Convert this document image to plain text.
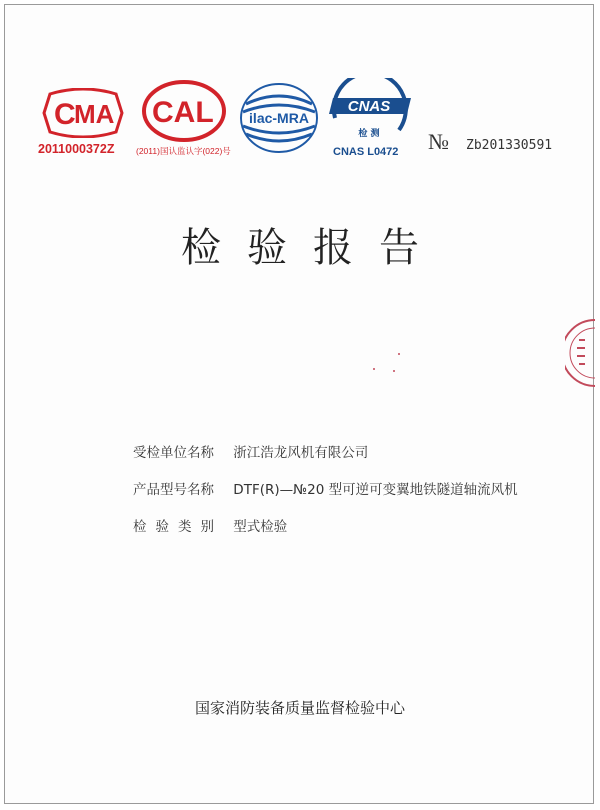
C
MA
2011000372Z
CAL
(2011)国认监认字(022)号
ilac-MRA
CNAS
检 测
CNAS L0472 № Zb201330591
检验报告
受检单位名称 浙江浩龙风机有限公司
产品型号名称 DTF(R)—№20 型可逆可变翼地铁隧道轴流风机
检验类别 型式检验
国家消防装备质量监督检验中心
